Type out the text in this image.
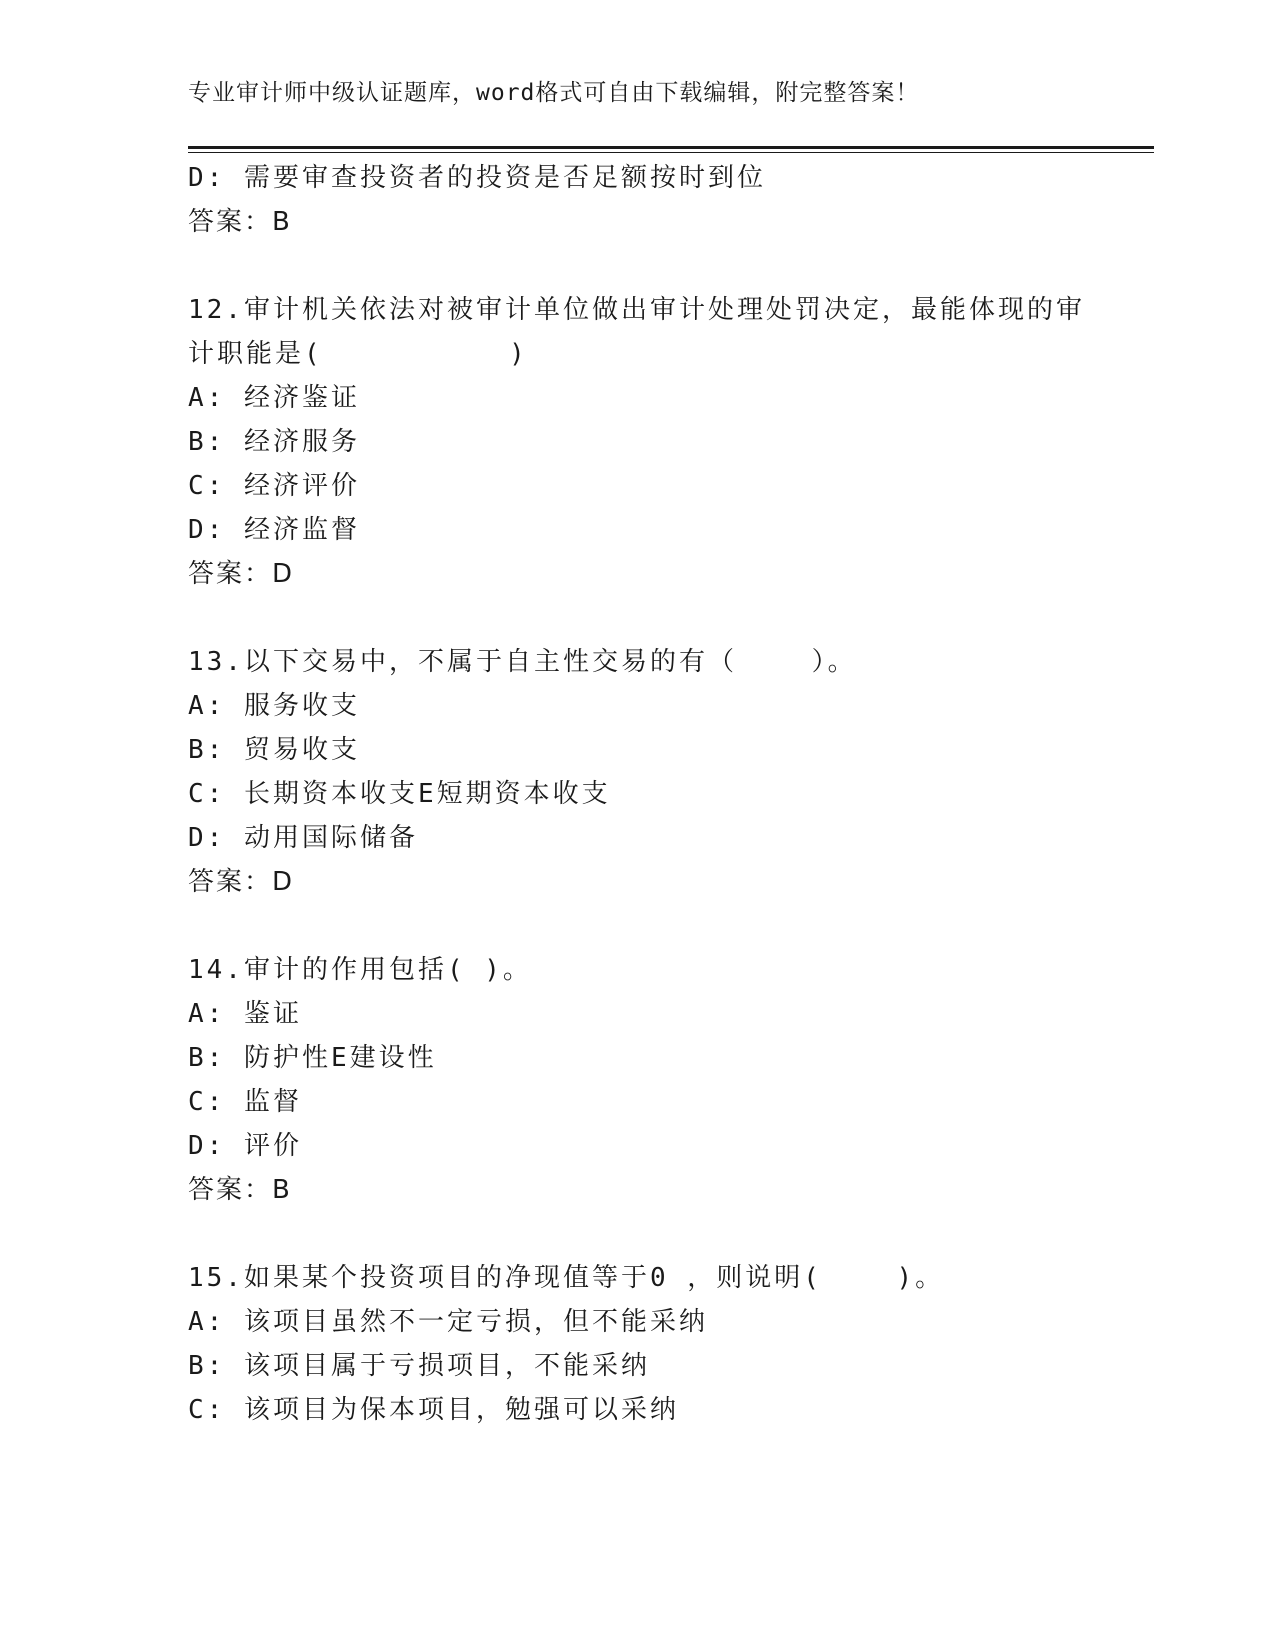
专业审计师中级认证题库，word格式可自由下载编辑，附完整答案！
D: 需要审查投资者的投资是否足额按时到位
答案：B
12.审计机关依法对被审计单位做出审计处理处罚决定，最能体现的审
计职能是(          )
A: 经济鉴证
B: 经济服务
C: 经济评价
D: 经济监督
答案：D
13.以下交易中，不属于自主性交易的有（    ）。
A: 服务收支
B: 贸易收支
C: 长期资本收支E短期资本收支
D: 动用国际储备
答案：D
14.审计的作用包括( )。
A: 鉴证
B: 防护性E建设性
C: 监督
D: 评价
答案：B
15.如果某个投资项目的净现值等于0 ，则说明(    )。
A: 该项目虽然不一定亏损，但不能采纳
B: 该项目属于亏损项目，不能采纳
C: 该项目为保本项目，勉强可以采纳
